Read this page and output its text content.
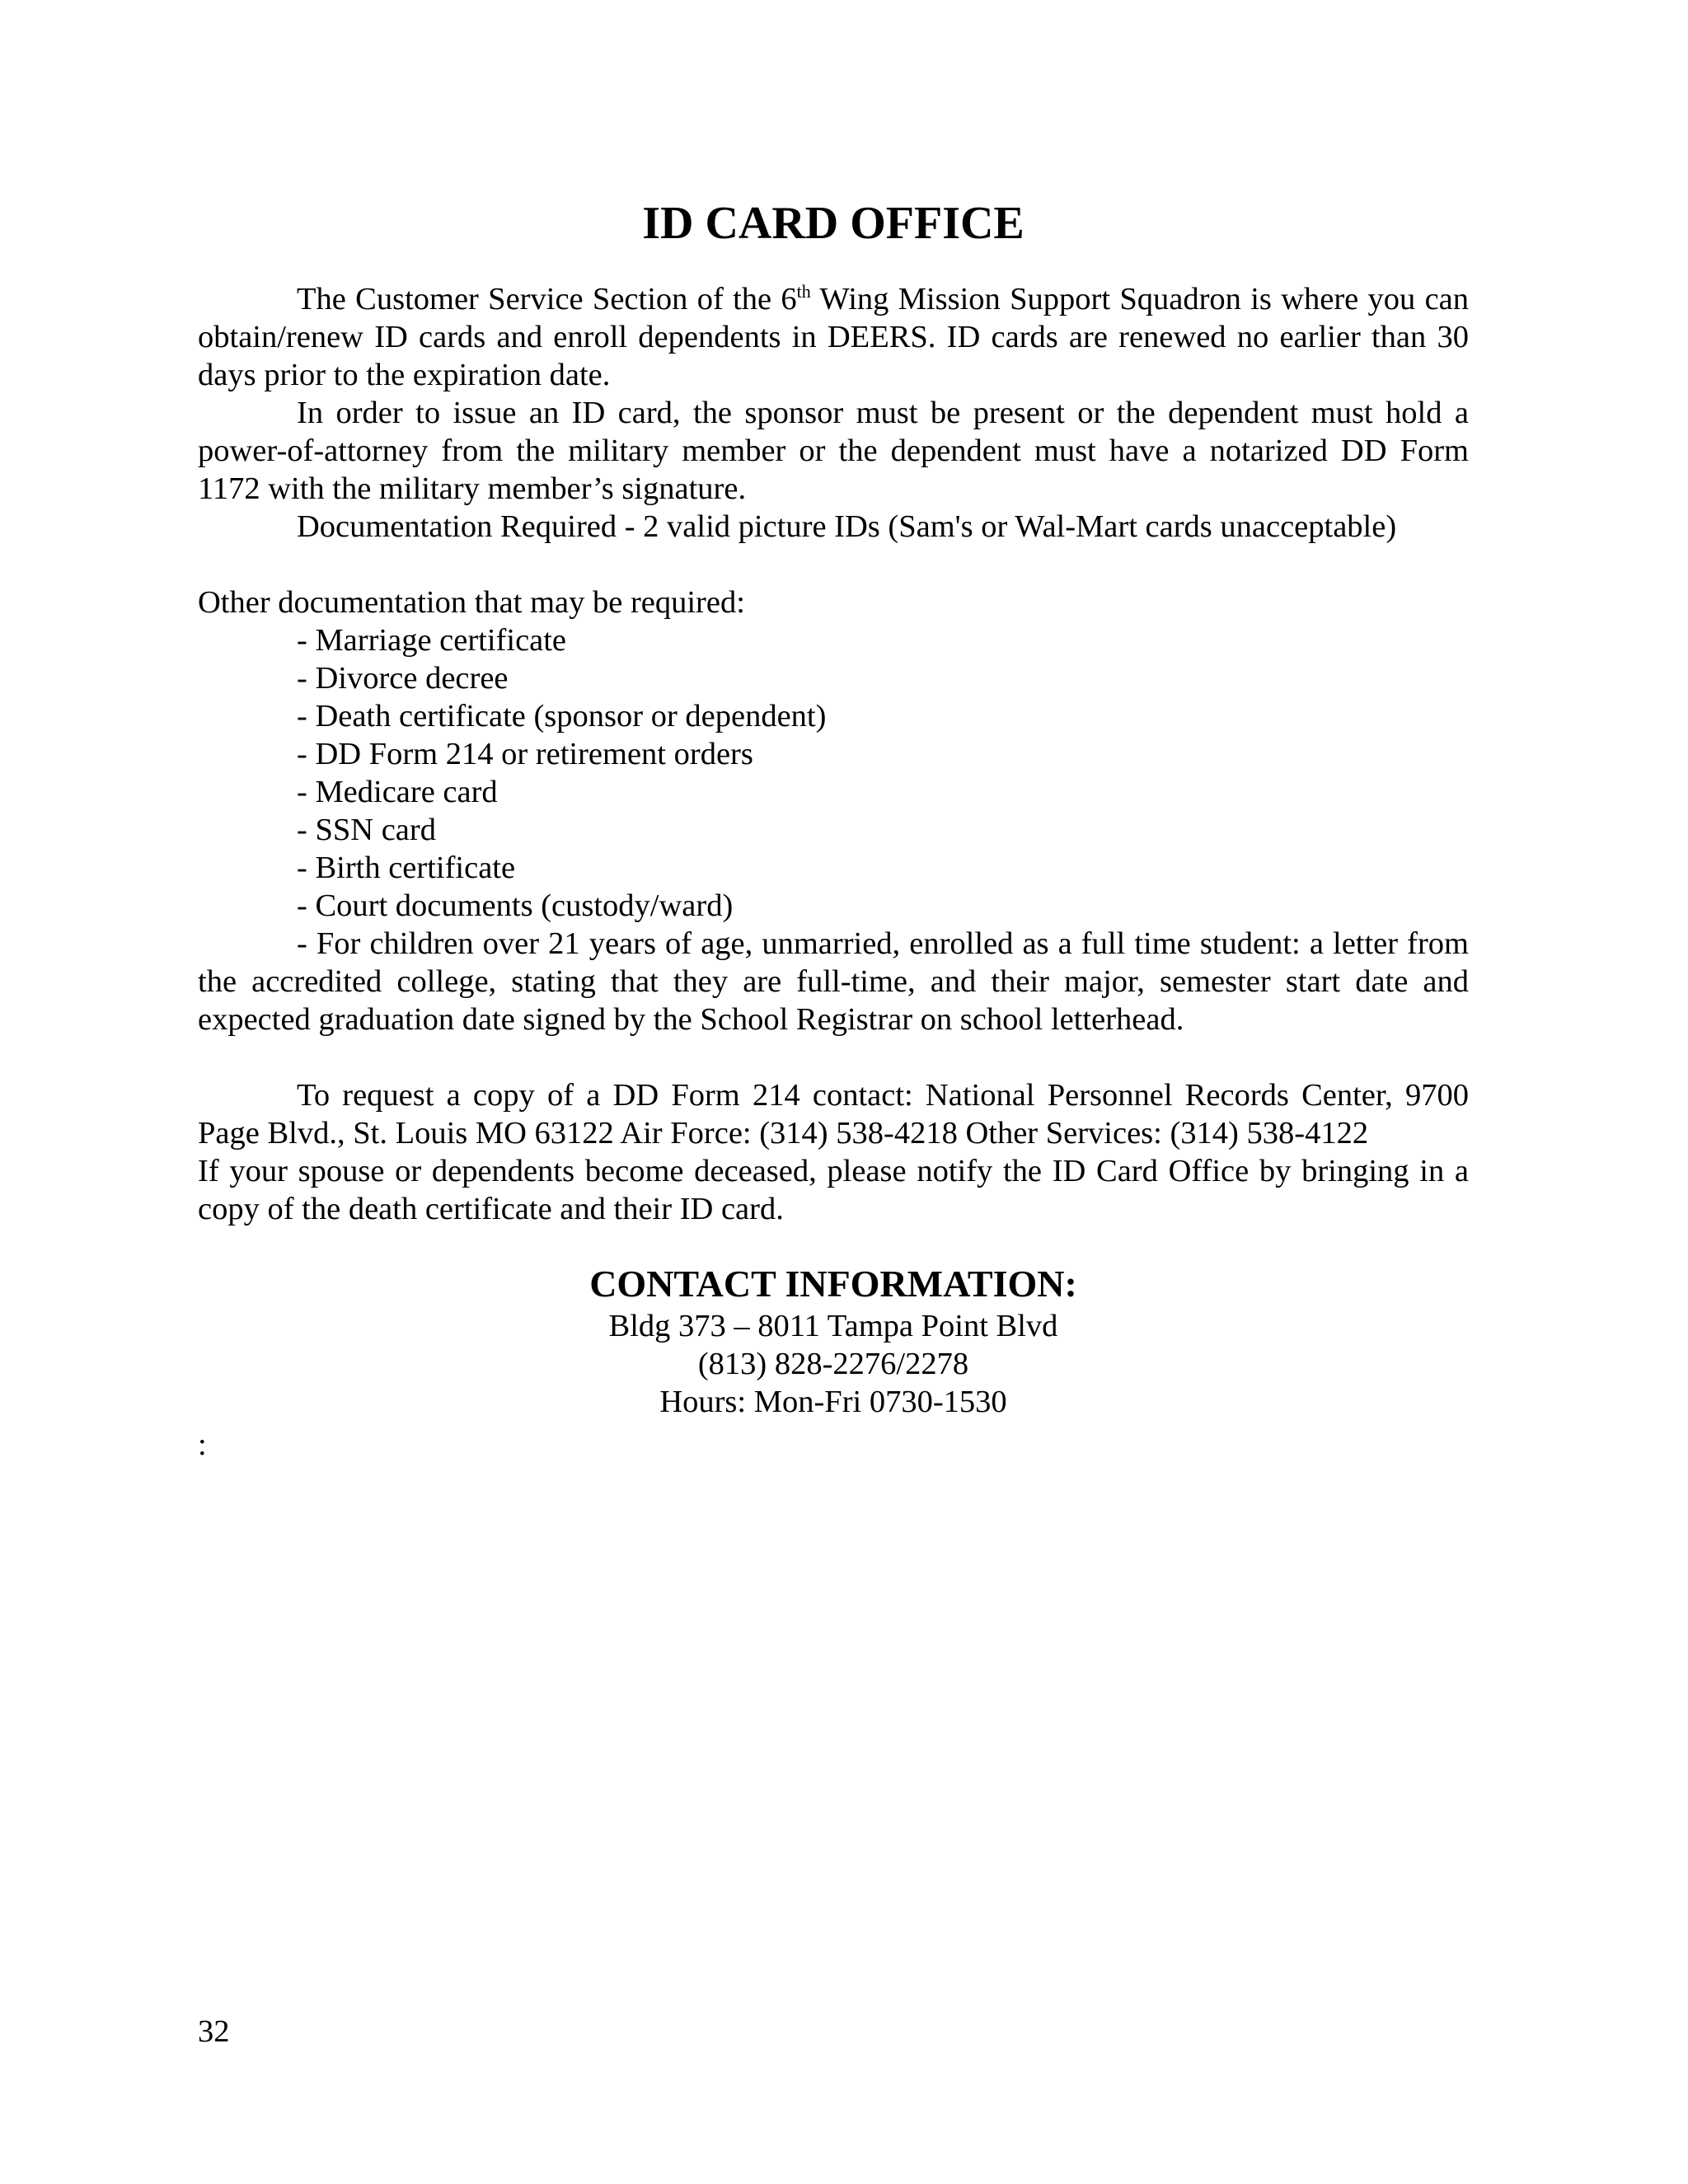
ID CARD OFFICE

The Customer Service Section of the 6th Wing Mission Support Squadron is where you can obtain/renew ID cards and enroll dependents in DEERS. ID cards are renewed no earlier than 30 days prior to the expiration date.

In order to issue an ID card, the sponsor must be present or the dependent must hold a power-of-attorney from the military member or the dependent must have a notarized DD Form 1172 with the military member’s signature.

Documentation Required - 2 valid picture IDs (Sam's or Wal-Mart cards unacceptable)

Other documentation that may be required:

- Marriage certificate
- Divorce decree
- Death certificate (sponsor or dependent)
- DD Form 214 or retirement orders
- Medicare card
- SSN card
- Birth certificate
- Court documents (custody/ward)
- For children over 21 years of age, unmarried, enrolled as a full time student: a letter from the accredited college, stating that they are full-time, and their major, semester start date and expected graduation date signed by the School Registrar on school letterhead.

To request a copy of a DD Form 214 contact: National Personnel Records Center, 9700 Page Blvd., St. Louis MO 63122 Air Force: (314) 538-4218 Other Services: (314) 538-4122

If your spouse or dependents become deceased, please notify the ID Card Office by bringing in a copy of the death certificate and their ID card.

CONTACT INFORMATION:
Bldg 373 – 8011 Tampa Point Blvd
(813) 828-2276/2278
Hours: Mon-Fri 0730-1530
:
32
